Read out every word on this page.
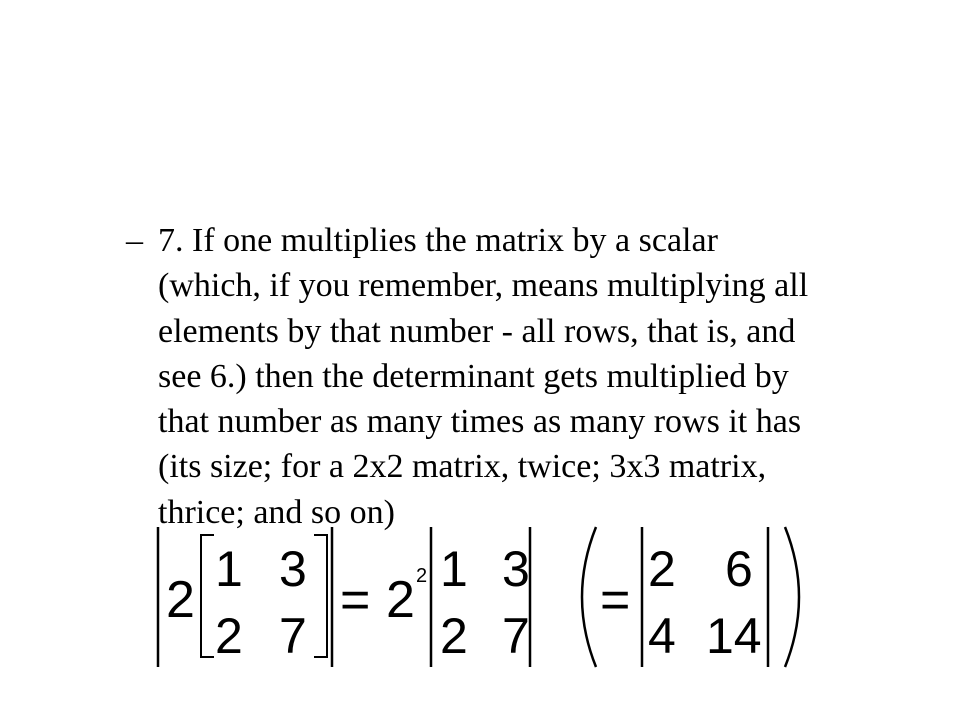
– 7. If one multiplies the matrix by a scalar
(which, if you remember, means multiplying all
elements by that number - all rows, that is, and
see 6.) then the determinant gets multiplied by
that number as many times as many rows it has
(its size; for a 2x2 matrix, twice; 3x3 matrix,
thrice; and so on)
2
1 3
2 7
= 2 2 1 3
2 7
=
2 6
4 14
